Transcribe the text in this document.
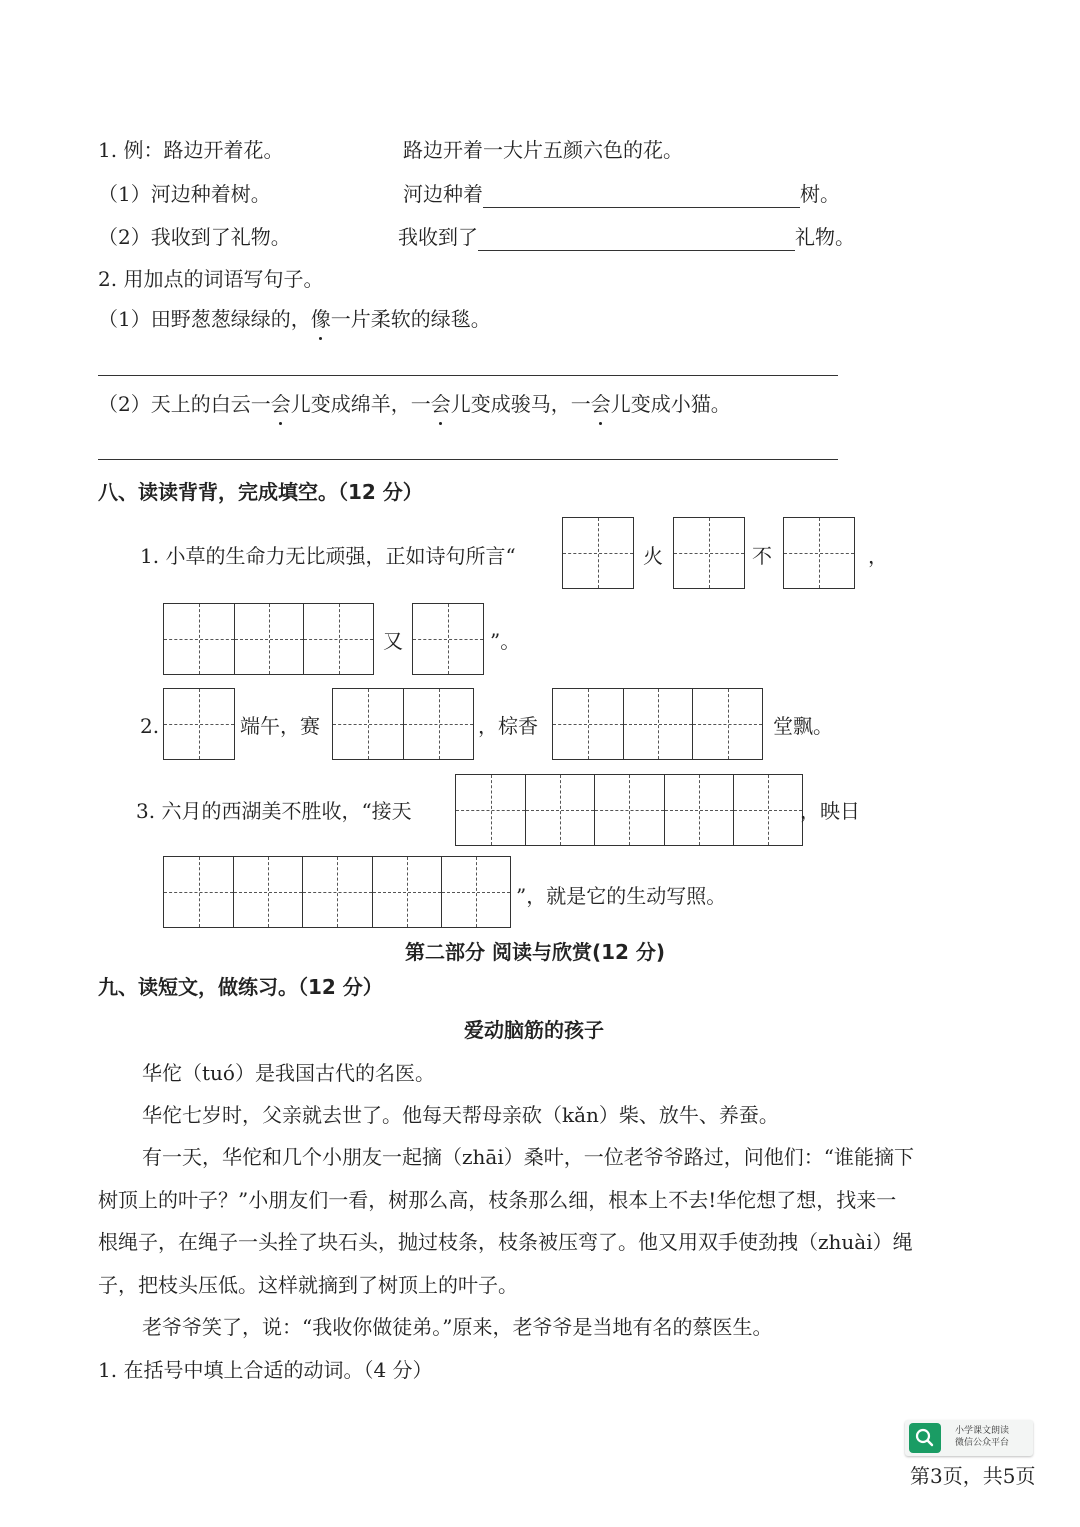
1. 例：路边开着花。	路边开着一大片五颜六色的花。
（1）河边种着树。	河边种着	树。
（2）我收到了礼物。	我收到了	礼物。
2. 用加点的词语写句子。
（1）田野葱葱绿绿的，像一片柔软的绿毯。
（2）天上的白云一会儿变成绵羊，一会儿变成骏马，一会儿变成小猫。
八、读读背背，完成填空。（12 分）
1. 小草的生命力无比顽强，正如诗句所言“	火	不	，
又	”。
2.	端午，赛	，棕香	堂飘。
3. 六月的西湖美不胜收，“接天	，映日
”，就是它的生动写照。
第二部分 阅读与欣赏(12 分)
九、读短文，做练习。（12 分）
爱动脑筋的孩子
华佗（tuó）是我国古代的名医。
华佗七岁时，父亲就去世了。他每天帮母亲砍（kǎn）柴、放牛、养蚕。
有一天，华佗和几个小朋友一起摘（zhāi）桑叶，一位老爷爷路过，问他们：“谁能摘下
树顶上的叶子？”小朋友们一看，树那么高，枝条那么细，根本上不去!华佗想了想，找来一
根绳子，在绳子一头拴了块石头，抛过枝条，枝条被压弯了。他又用双手使劲拽（zhuài）绳
子，把枝头压低。这样就摘到了树顶上的叶子。
老爷爷笑了，说：“我收你做徒弟。”原来，老爷爷是当地有名的蔡医生。
1. 在括号中填上合适的动词。（4 分）
小学课文朗读
微信公众平台
第3页，共5页
